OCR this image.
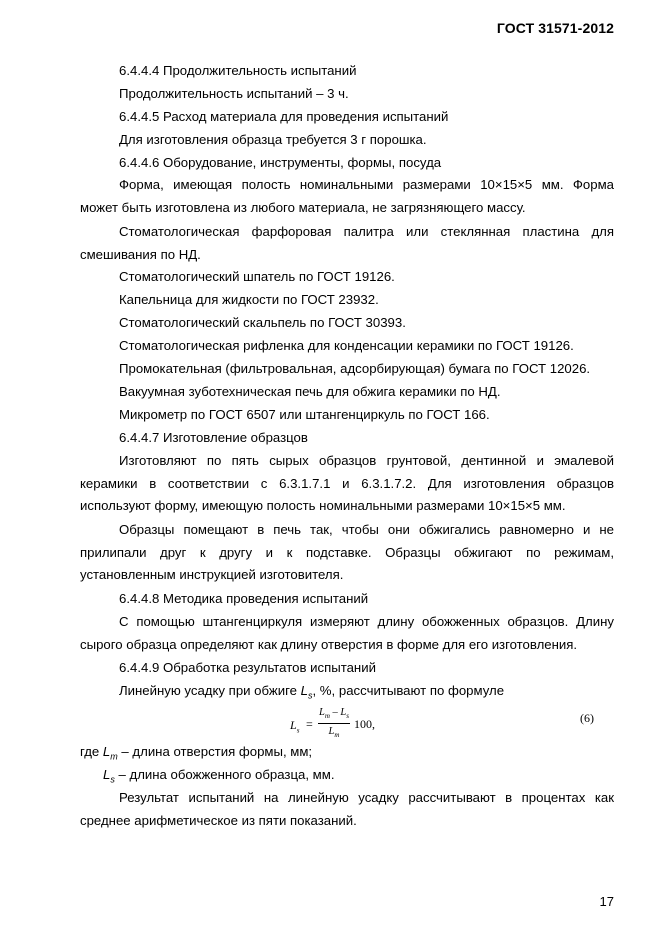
ГОСТ 31571-2012

6.4.4.4 Продолжительность испытаний

Продолжительность испытаний – 3 ч.

6.4.4.5 Расход материала для проведения испытаний

Для изготовления образца требуется 3 г порошка.

6.4.4.6 Оборудование, инструменты, формы, посуда

Форма, имеющая полость номинальными размерами 10×15×5 мм. Форма может быть изготовлена из любого материала, не загрязняющего массу.

Стоматологическая фарфоровая палитра или стеклянная пластина для смешивания по НД.

Стоматологический шпатель по ГОСТ 19126.

Капельница для жидкости по ГОСТ 23932.

Стоматологический скальпель по ГОСТ 30393.

Стоматологическая рифленка для конденсации керамики по ГОСТ 19126.

Промокательная (фильтровальная, адсорбирующая) бумага по ГОСТ 12026.

Вакуумная зуботехническая печь для обжига керамики по НД.

Микрометр по ГОСТ 6507 или штангенциркуль по ГОСТ 166.

6.4.4.7 Изготовление образцов

Изготовляют по пять сырых образцов грунтовой, дентинной и эмалевой керамики в соответствии с 6.3.1.7.1 и 6.3.1.7.2. Для изготовления образцов используют форму, имеющую полость номинальными размерами 10×15×5 мм.

Образцы помещают в печь так, чтобы они обжигались равномерно и не прилипали друг к другу и к подставке. Образцы обжигают по режимам, установленным инструкцией изготовителя.

6.4.4.8 Методика проведения испытаний

С помощью штангенциркуля измеряют длину обожженных образцов. Длину сырого образца определяют как длину отверстия в форме для его изготовления.

6.4.4.9 Обработка результатов испытаний

Линейную усадку при обжиге $L_s$, %, рассчитывают по формуле

$L_s = \frac{L_m - L_s}{L_m} 100$,	(6)

где $L_m$ – длина отверстия формы, мм;

$L_s$ – длина обожженного образца, мм.

Результат испытаний на линейную усадку рассчитывают в процентах как среднее арифметическое из пяти показаний.

17
